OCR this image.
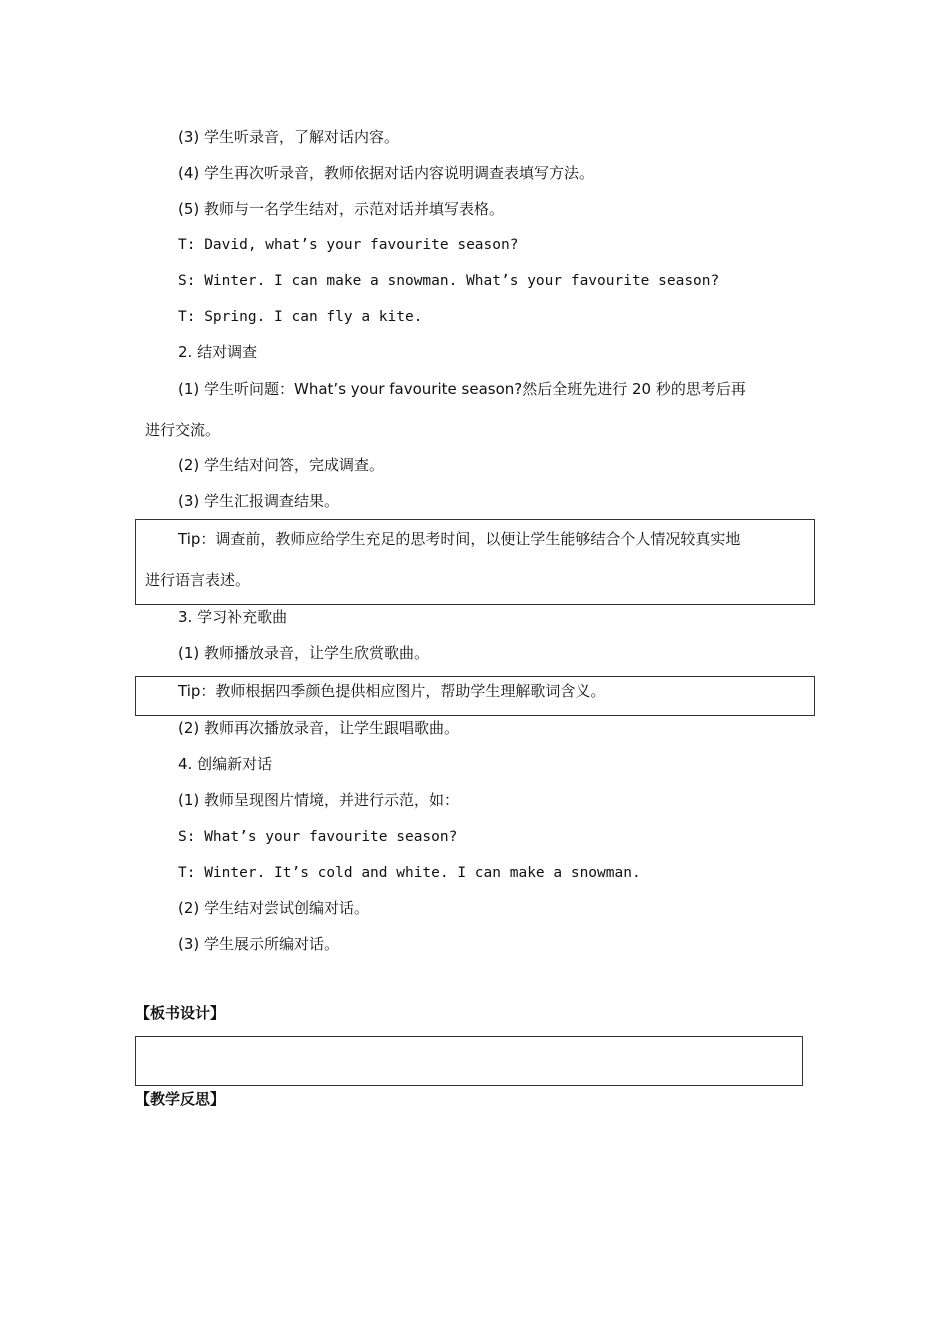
(3) 学生听录音，了解对话内容。
(4) 学生再次听录音，教师依据对话内容说明调查表填写方法。
(5) 教师与一名学生结对，示范对话并填写表格。
T: David, what’s your favourite season?
S: Winter. I can make a snowman. What’s your favourite season?
T: Spring. I can fly a kite.
2. 结对调查
(1) 学生听问题：What’s your favourite season?然后全班先进行 20 秒的思考后再
进行交流。
(2) 学生结对问答，完成调查。
(3) 学生汇报调查结果。
Tip：调查前，教师应给学生充足的思考时间，以便让学生能够结合个人情况较真实地
进行语言表述。
3. 学习补充歌曲
(1) 教师播放录音，让学生欣赏歌曲。
Tip：教师根据四季颜色提供相应图片，帮助学生理解歌词含义。
(2) 教师再次播放录音，让学生跟唱歌曲。
4. 创编新对话
(1) 教师呈现图片情境，并进行示范，如：
S: What’s your favourite season?
T: Winter. It’s cold and white. I can make a snowman.
(2) 学生结对尝试创编对话。
(3) 学生展示所编对话。
【板书设计】
【教学反思】
